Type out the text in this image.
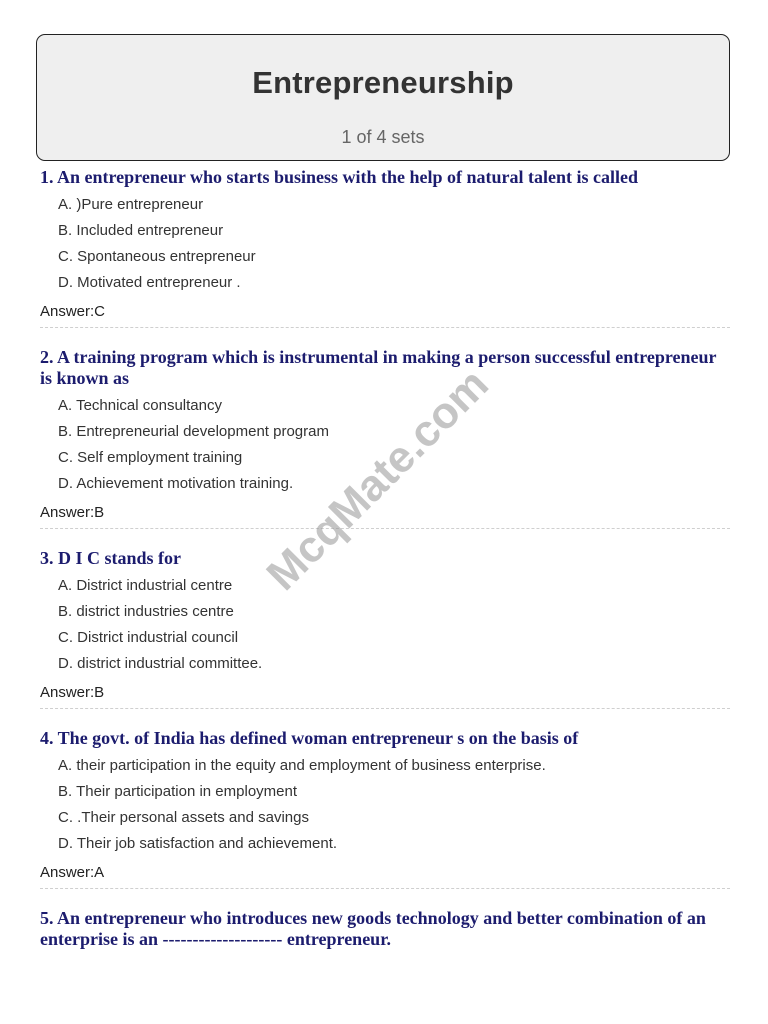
Entrepreneurship
1 of 4 sets
1. An entrepreneur who starts business with the help of natural talent is called
A. )Pure entrepreneur
B. Included entrepreneur
C. Spontaneous entrepreneur
D. Motivated entrepreneur .
Answer:C
2. A training program which is instrumental in making a person successful entrepreneur is known as
A. Technical consultancy
B. Entrepreneurial development program
C. Self employment training
D. Achievement motivation training.
Answer:B
3. D I C stands for
A. District industrial centre
B. district industries centre
C. District industrial council
D. district industrial committee.
Answer:B
4. The govt. of India has defined woman entrepreneur s on the basis of
A. their participation in the equity and employment of business enterprise.
B. Their participation in employment
C. .Their personal assets and savings
D. Their job satisfaction and achievement.
Answer:A
5. An entrepreneur who introduces new goods technology and better combination of an enterprise is an -------------------- entrepreneur.
McqMate.com
